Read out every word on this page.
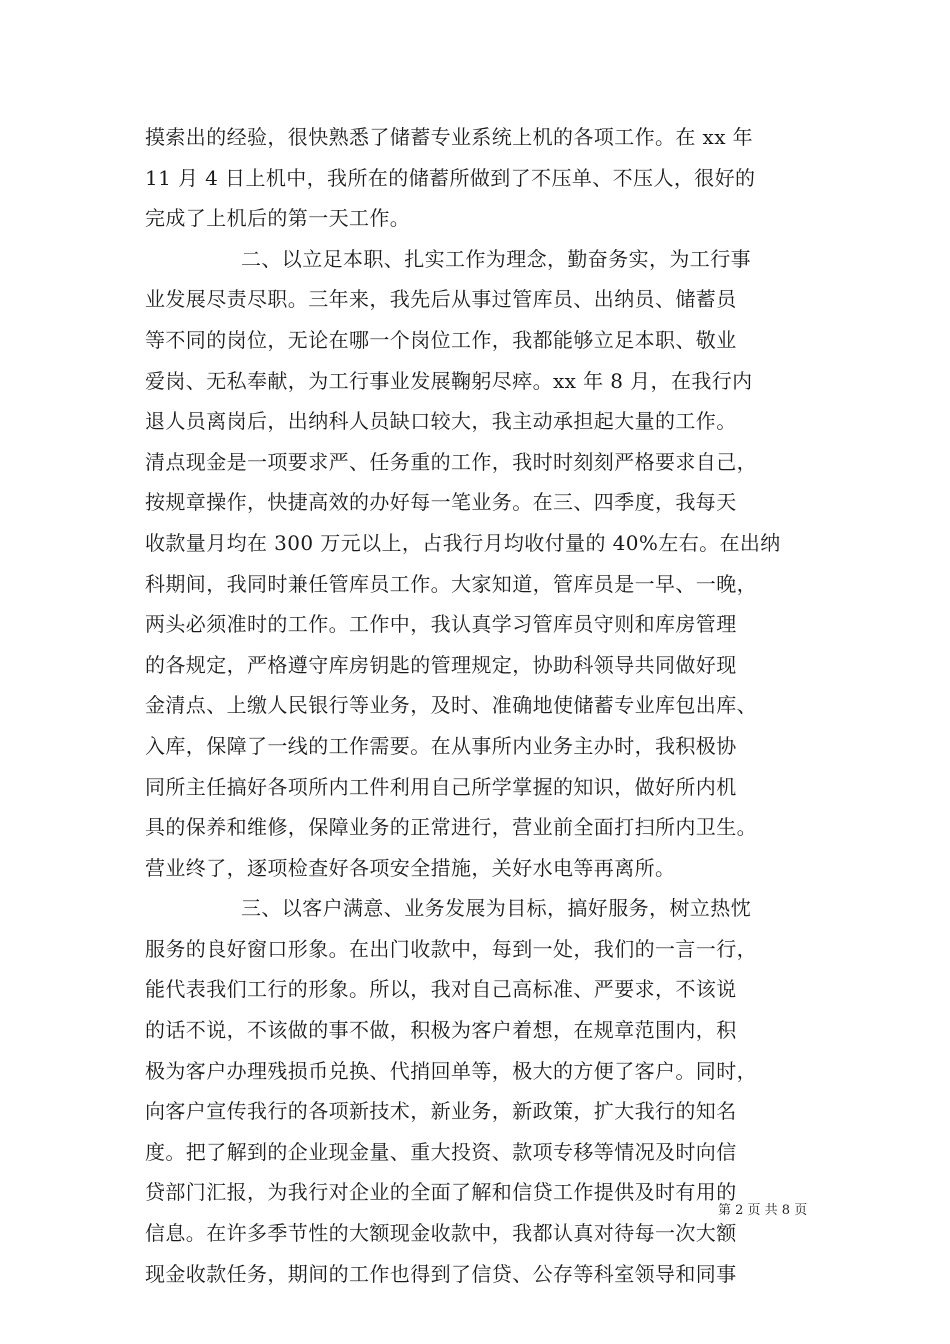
摸索出的经验，很快熟悉了储蓄专业系统上机的各项工作。在 xx 年
11 月 4 日上机中，我所在的储蓄所做到了不压单、不压人，很好的
完成了上机后的第一天工作。
二、以立足本职、扎实工作为理念，勤奋务实，为工行事
业发展尽责尽职。三年来，我先后从事过管库员、出纳员、储蓄员
等不同的岗位，无论在哪一个岗位工作，我都能够立足本职、敬业
爱岗、无私奉献，为工行事业发展鞠躬尽瘁。xx 年 8 月，在我行内
退人员离岗后，出纳科人员缺口较大，我主动承担起大量的工作。
清点现金是一项要求严、任务重的工作，我时时刻刻严格要求自己，
按规章操作，快捷高效的办好每一笔业务。在三、四季度，我每天
收款量月均在 300 万元以上，占我行月均收付量的 40%左右。在出纳
科期间，我同时兼任管库员工作。大家知道，管库员是一早、一晚，
两头必须准时的工作。工作中，我认真学习管库员守则和库房管理
的各规定，严格遵守库房钥匙的管理规定，协助科领导共同做好现
金清点、上缴人民银行等业务，及时、准确地使储蓄专业库包出库、
入库，保障了一线的工作需要。在从事所内业务主办时，我积极协
同所主任搞好各项所内工件利用自己所学掌握的知识，做好所内机
具的保养和维修，保障业务的正常进行，营业前全面打扫所内卫生。
营业终了，逐项检查好各项安全措施，关好水电等再离所。
三、以客户满意、业务发展为目标，搞好服务，树立热忱
服务的良好窗口形象。在出门收款中，每到一处，我们的一言一行，
能代表我们工行的形象。所以，我对自己高标准、严要求，不该说
的话不说，不该做的事不做，积极为客户着想，在规章范围内，积
极为客户办理残损币兑换、代捎回单等，极大的方便了客户。同时，
向客户宣传我行的各项新技术，新业务，新政策，扩大我行的知名
度。把了解到的企业现金量、重大投资、款项专移等情况及时向信
贷部门汇报，为我行对企业的全面了解和信贷工作提供及时有用的
信息。在许多季节性的大额现金收款中，我都认真对待每一次大额
现金收款任务，期间的工作也得到了信贷、公存等科室领导和同事
第 2 页 共 8 页
